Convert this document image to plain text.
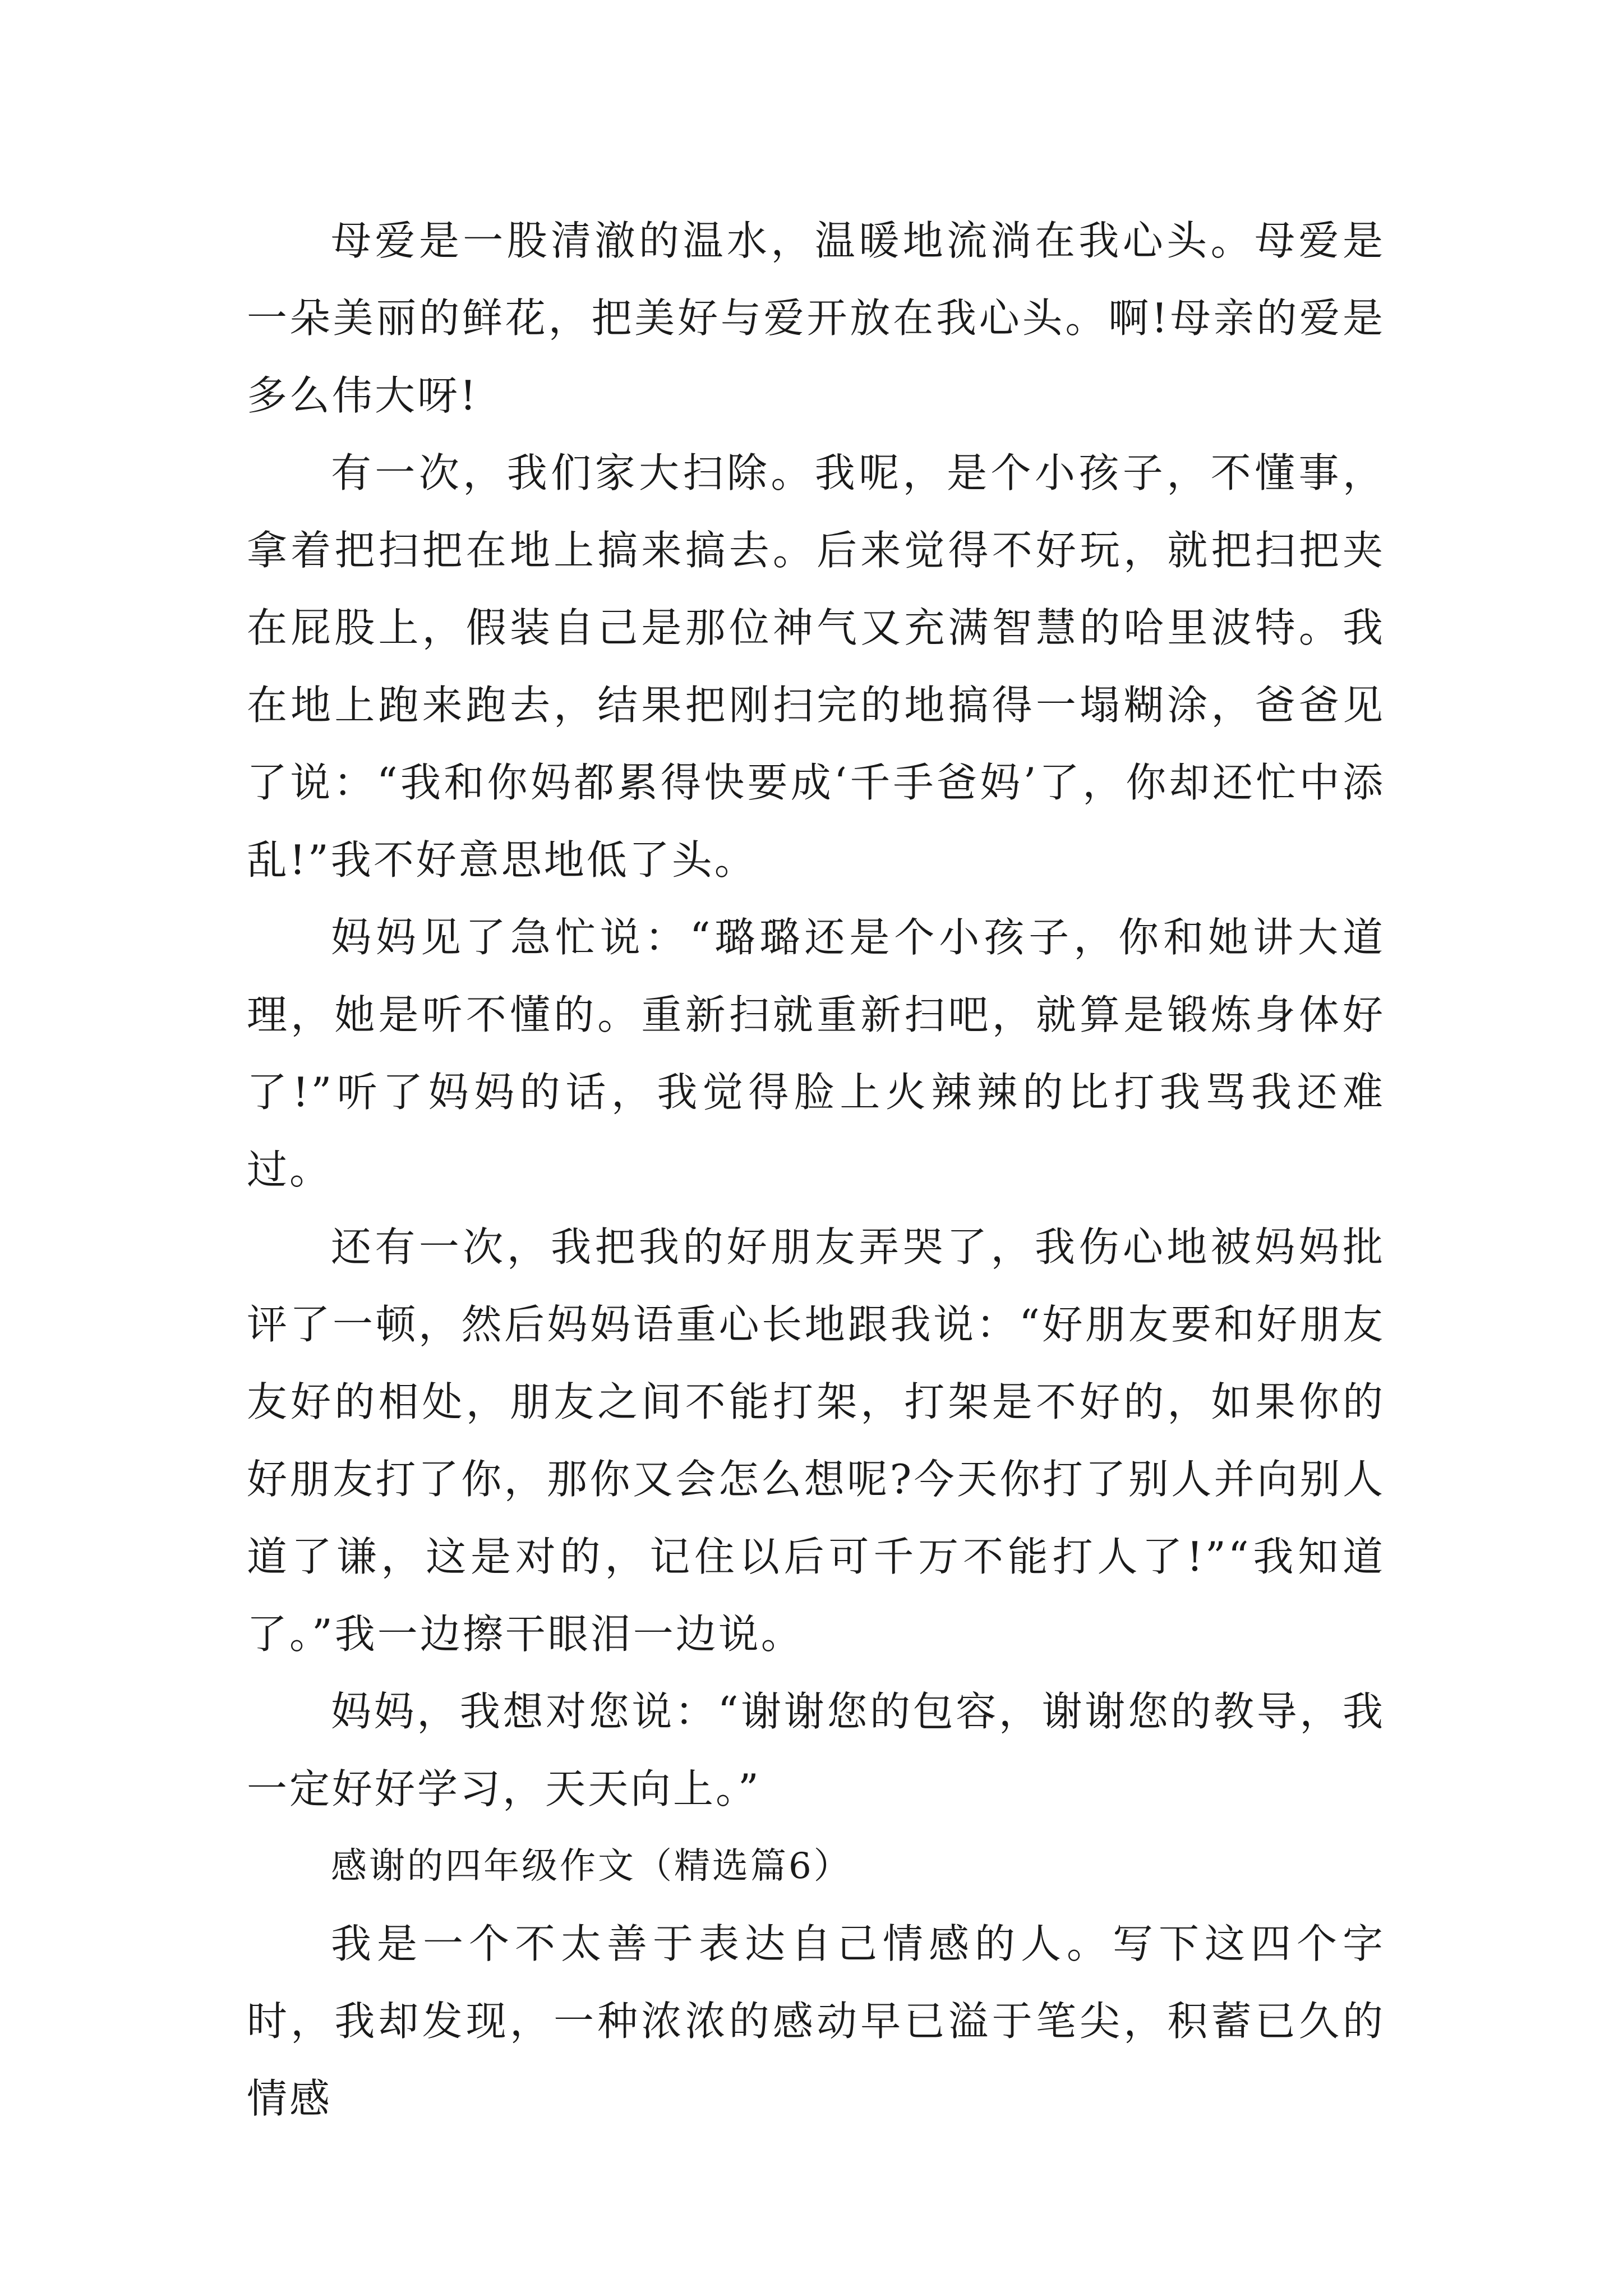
母爱是一股清澈的温水，温暖地流淌在我心头。母爱是一朵美丽的鲜花，把美好与爱开放在我心头。啊!母亲的爱是多么伟大呀!

有一次，我们家大扫除。我呢，是个小孩子，不懂事，拿着把扫把在地上搞来搞去。后来觉得不好玩，就把扫把夹在屁股上，假装自己是那位神气又充满智慧的哈里波特。我在地上跑来跑去，结果把刚扫完的地搞得一塌糊涂，爸爸见了说：“我和你妈都累得快要成‘千手爸妈’了，你却还忙中添乱!”我不好意思地低了头。

妈妈见了急忙说：“璐璐还是个小孩子，你和她讲大道理，她是听不懂的。重新扫就重新扫吧，就算是锻炼身体好了!”听了妈妈的话，我觉得脸上火辣辣的比打我骂我还难过。

还有一次，我把我的好朋友弄哭了，我伤心地被妈妈批评了一顿，然后妈妈语重心长地跟我说：“好朋友要和好朋友友好的相处，朋友之间不能打架，打架是不好的，如果你的好朋友打了你，那你又会怎么想呢?今天你打了别人并向别人道了谦，这是对的，记住以后可千万不能打人了!”“我知道了。”我一边擦干眼泪一边说。

妈妈，我想对您说：“谢谢您的包容，谢谢您的教导，我一定好好学习，天天向上。”

感谢的四年级作文（精选篇6）

我是一个不太善于表达自己情感的人。写下这四个字时，我却发现，一种浓浓的感动早已溢于笔尖，积蓄已久的情感
